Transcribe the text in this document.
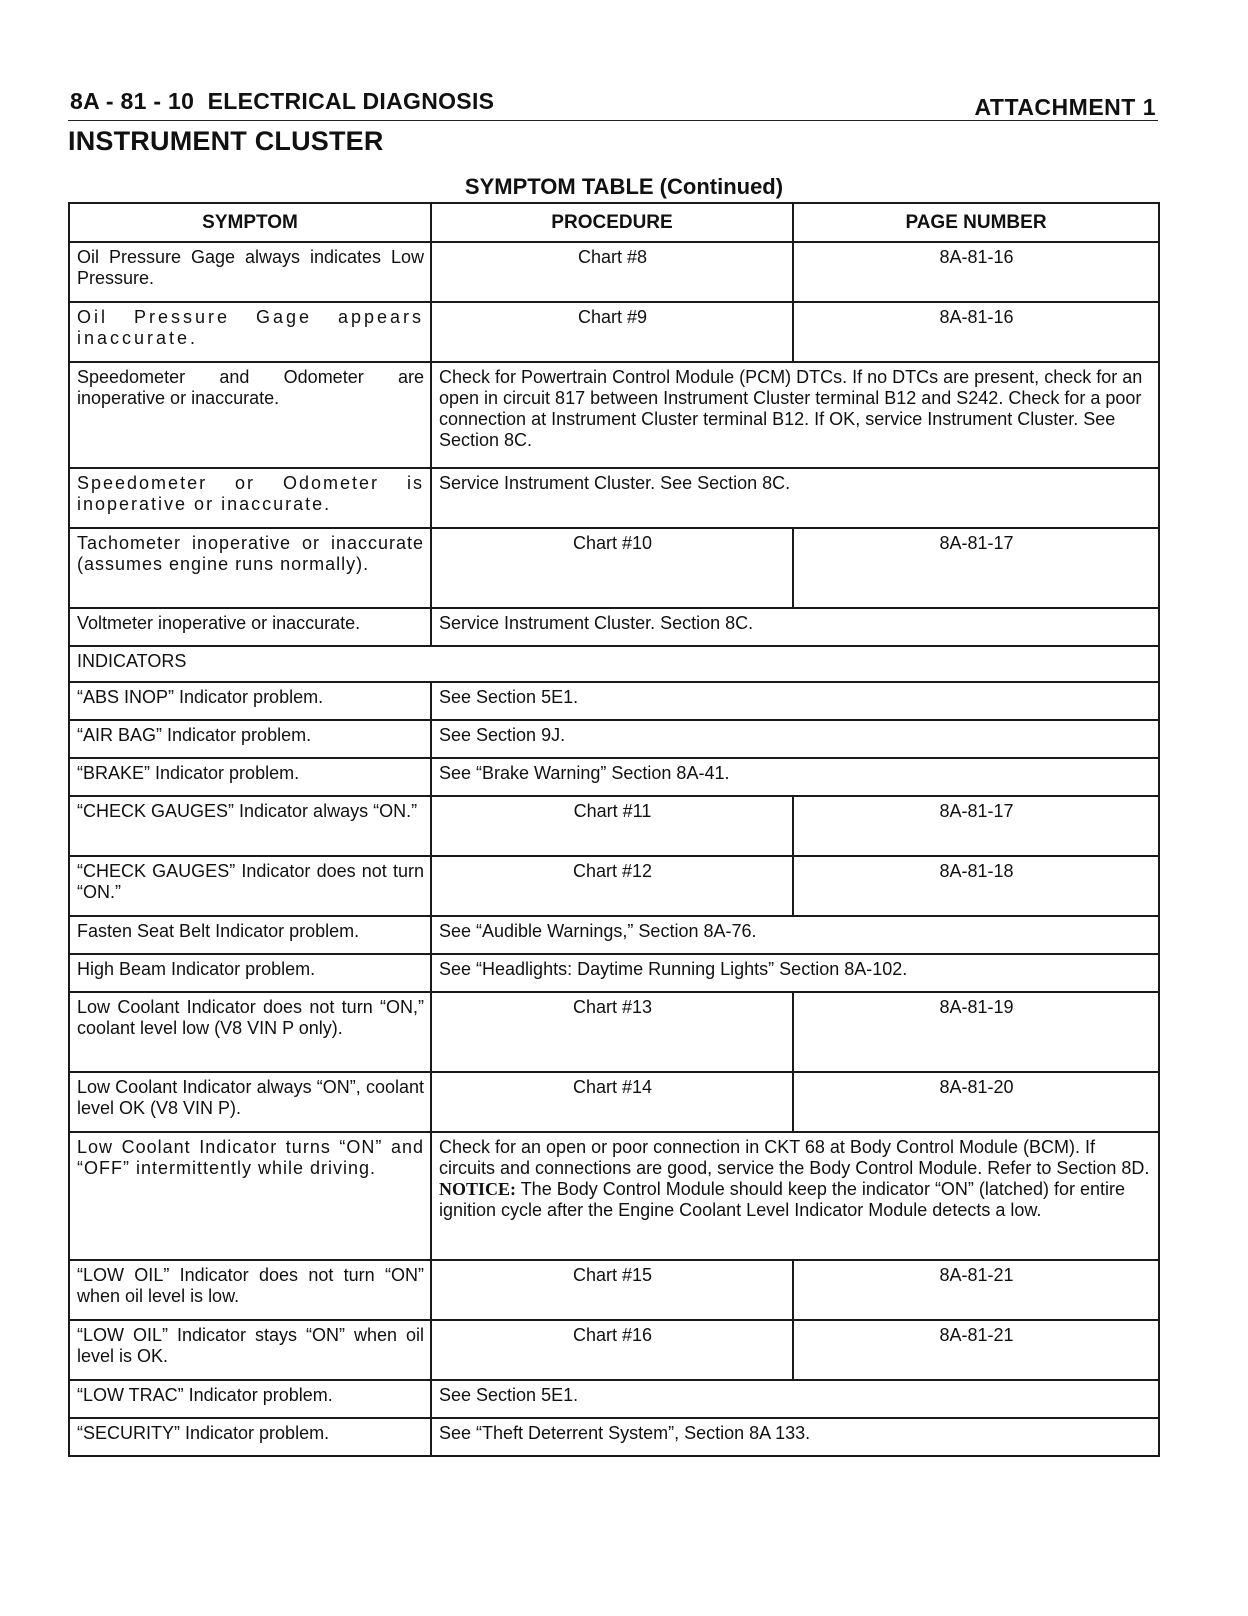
8A - 81 - 10  ELECTRICAL DIAGNOSIS	ATTACHMENT 1
INSTRUMENT CLUSTER
SYMPTOM TABLE (Continued)
SYMPTOM	PROCEDURE	PAGE NUMBER
Oil Pressure Gage always indicates Low Pressure.	Chart #8	8A-81-16
Oil Pressure Gage appears inaccurate.	Chart #9	8A-81-16
Speedometer and Odometer are inoperative or inaccurate.	Check for Powertrain Control Module (PCM) DTCs. If no DTCs are present, check for an open in circuit 817 between Instrument Cluster terminal B12 and S242. Check for a poor connection at Instrument Cluster terminal B12. If OK, service Instrument Cluster. See Section 8C.	
Speedometer or Odometer is inoperative or inaccurate.	Service Instrument Cluster. See Section 8C.	
Tachometer inoperative or inaccurate (assumes engine runs normally).	Chart #10	8A-81-17
Voltmeter inoperative or inaccurate.	Service Instrument Cluster. Section 8C.	
INDICATORS		
“ABS INOP” Indicator problem.	See Section 5E1.	
“AIR BAG” Indicator problem.	See Section 9J.	
“BRAKE” Indicator problem.	See “Brake Warning” Section 8A-41.	
“CHECK GAUGES” Indicator always “ON.”	Chart #11	8A-81-17
“CHECK GAUGES” Indicator does not turn “ON.”	Chart #12	8A-81-18
Fasten Seat Belt Indicator problem.	See “Audible Warnings,” Section 8A-76.	
High Beam Indicator problem.	See “Headlights: Daytime Running Lights” Section 8A-102.	
Low Coolant Indicator does not turn “ON,” coolant level low (V8 VIN P only).	Chart #13	8A-81-19
Low Coolant Indicator always “ON”, coolant level OK (V8 VIN P).	Chart #14	8A-81-20
Low Coolant Indicator turns “ON” and “OFF” intermittently while driving.	Check for an open or poor connection in CKT 68 at Body Control Module (BCM). If circuits and connections are good, service the Body Control Module. Refer to Section 8D. NOTICE: The Body Control Module should keep the indicator “ON” (latched) for entire ignition cycle after the Engine Coolant Level Indicator Module detects a low.	
“LOW OIL” Indicator does not turn “ON” when oil level is low.	Chart #15	8A-81-21
“LOW OIL” Indicator stays “ON” when oil level is OK.	Chart #16	8A-81-21
“LOW TRAC” Indicator problem.	See Section 5E1.	
“SECURITY” Indicator problem.	See “Theft Deterrent System”, Section 8A 133.	
